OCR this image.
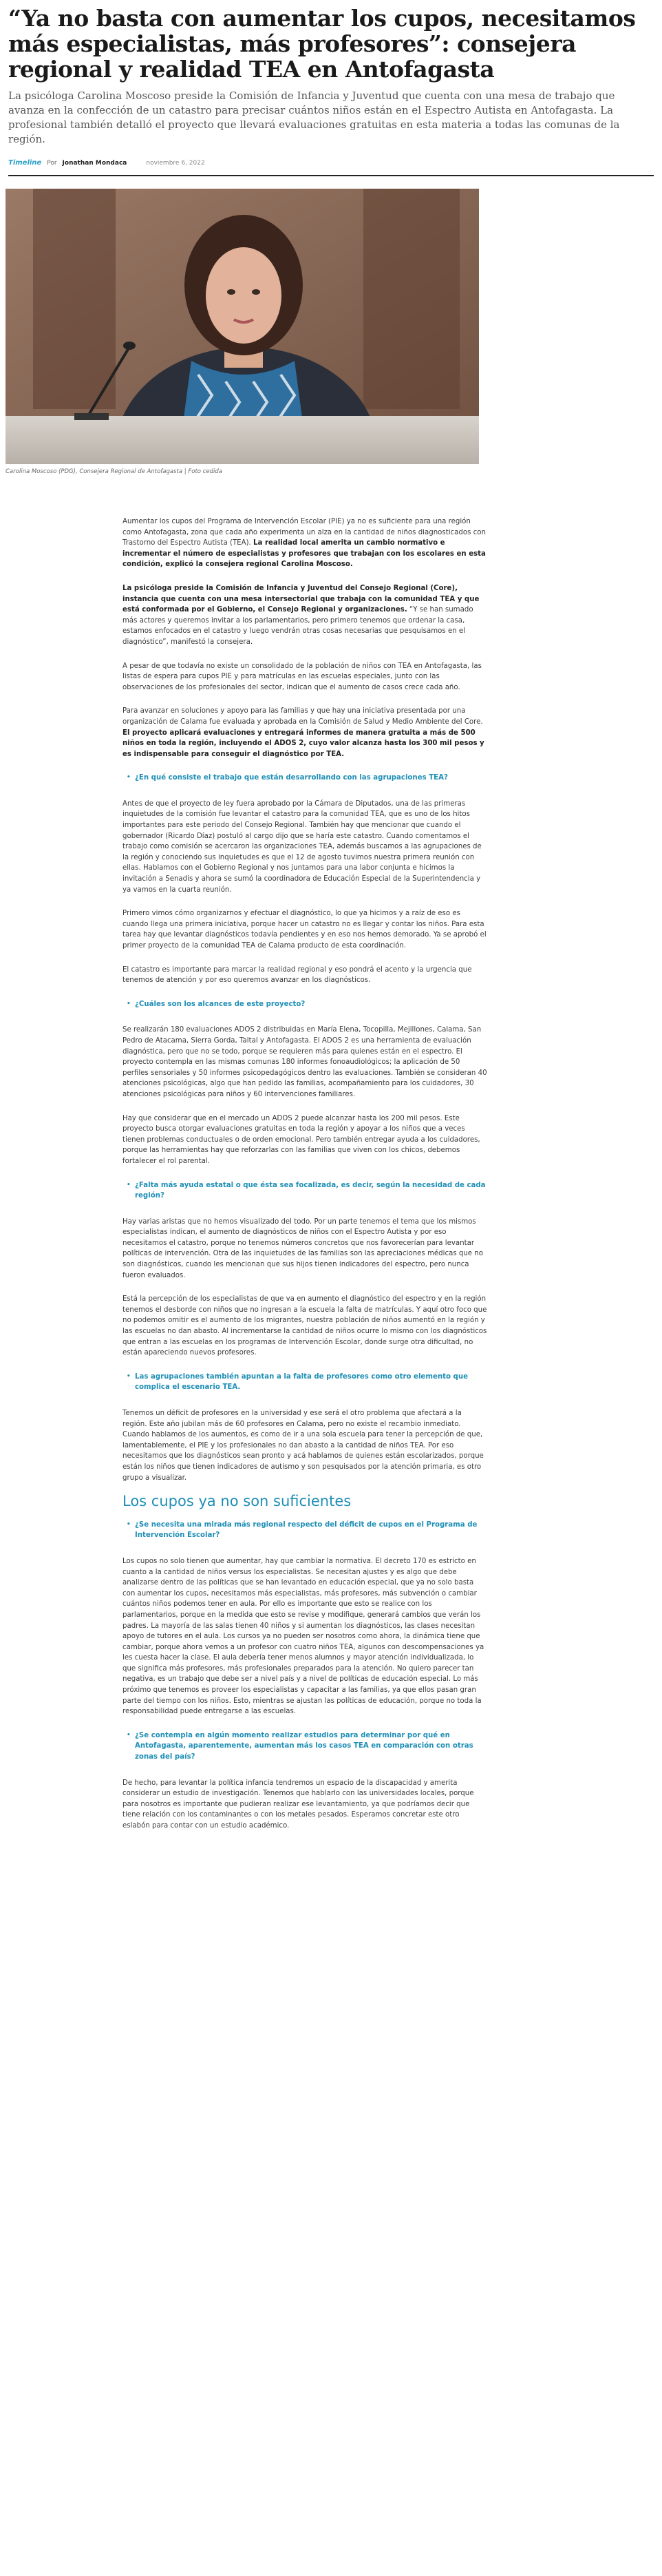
“Ya no basta con aumentar los cupos, necesitamos más especialistas, más profesores”: consejera regional y realidad TEA en Antofagasta

La psicóloga Carolina Moscoso preside la Comisión de Infancia y Juventud que cuenta con una mesa de trabajo que avanza en la confección de un catastro para precisar cuántos niños están en el Espectro Autista en Antofagasta. La profesional también detalló el proyecto que llevará evaluaciones gratuitas en esta materia a todas las comunas de la región.

Timeline Por Jonathan Mondaca	noviembre 6, 2022
Carolina Moscoso (PDG), Consejera Regional de Antofagasta | Foto cedida

Aumentar los cupos del Programa de Intervención Escolar (PIE) ya no es suficiente para una región como Antofagasta, zona que cada año experimenta un alza en la cantidad de niños diagnosticados con Trastorno del Espectro Autista (TEA). La realidad local amerita un cambio normativo e incrementar el número de especialistas y profesores que trabajan con los escolares en esta condición, explicó la consejera regional Carolina Moscoso.

La psicóloga preside la Comisión de Infancia y Juventud del Consejo Regional (Core), instancia que cuenta con una mesa intersectorial que trabaja con la comunidad TEA y que está conformada por el Gobierno, el Consejo Regional y organizaciones. “Y se han sumado más actores y queremos invitar a los parlamentarios, pero primero tenemos que ordenar la casa, estamos enfocados en el catastro y luego vendrán otras cosas necesarias que pesquisamos en el diagnóstico”, manifestó la consejera.

A pesar de que todavía no existe un consolidado de la población de niños con TEA en Antofagasta, las listas de espera para cupos PIE y para matrículas en las escuelas especiales, junto con las observaciones de los profesionales del sector, indican que el aumento de casos crece cada año.

Para avanzar en soluciones y apoyo para las familias y que hay una iniciativa presentada por una organización de Calama fue evaluada y aprobada en la Comisión de Salud y Medio Ambiente del Core. El proyecto aplicará evaluaciones y entregará informes de manera gratuita a más de 500 niños en toda la región, incluyendo el ADOS 2, cuyo valor alcanza hasta los 300 mil pesos y es indispensable para conseguir el diagnóstico por TEA.

• ¿En qué consiste el trabajo que están desarrollando con las agrupaciones TEA?

Antes de que el proyecto de ley fuera aprobado por la Cámara de Diputados, una de las primeras inquietudes de la comisión fue levantar el catastro para la comunidad TEA, que es uno de los hitos importantes para este periodo del Consejo Regional. También hay que mencionar que cuando el gobernador (Ricardo Díaz) postuló al cargo dijo que se haría este catastro. Cuando comentamos el trabajo como comisión se acercaron las organizaciones TEA, además buscamos a las agrupaciones de la región y conociendo sus inquietudes es que el 12 de agosto tuvimos nuestra primera reunión con ellas. Hablamos con el Gobierno Regional y nos juntamos para una labor conjunta e hicimos la invitación a Senadis y ahora se sumó la coordinadora de Educación Especial de la Superintendencia y ya vamos en la cuarta reunión.

Primero vimos cómo organizarnos y efectuar el diagnóstico, lo que ya hicimos y a raíz de eso es cuando llega una primera iniciativa, porque hacer un catastro no es llegar y contar los niños. Para esta tarea hay que levantar diagnósticos todavía pendientes y en eso nos hemos demorado. Ya se aprobó el primer proyecto de la comunidad TEA de Calama producto de esta coordinación.

El catastro es importante para marcar la realidad regional y eso pondrá el acento y la urgencia que tenemos de atención y por eso queremos avanzar en los diagnósticos.

• ¿Cuáles son los alcances de este proyecto?

Se realizarán 180 evaluaciones ADOS 2 distribuidas en María Elena, Tocopilla, Mejillones, Calama, San Pedro de Atacama, Sierra Gorda, Taltal y Antofagasta. El ADOS 2 es una herramienta de evaluación diagnóstica, pero que no se todo, porque se requieren más para quienes están en el espectro. El proyecto contempla en las mismas comunas 180 informes fonoaudiológicos; la aplicación de 50 perfiles sensoriales y 50 informes psicopedagógicos dentro las evaluaciones. También se consideran 40 atenciones psicológicas, algo que han pedido las familias, acompañamiento para los cuidadores, 30 atenciones psicológicas para niños y 60 intervenciones familiares.

Hay que considerar que en el mercado un ADOS 2 puede alcanzar hasta los 200 mil pesos. Este proyecto busca otorgar evaluaciones gratuitas en toda la región y apoyar a los niños que a veces tienen problemas conductuales o de orden emocional. Pero también entregar ayuda a los cuidadores, porque las herramientas hay que reforzarlas con las familias que viven con los chicos, debemos fortalecer el rol parental.

• ¿Falta más ayuda estatal o que ésta sea focalizada, es decir, según la necesidad de cada región?

Hay varias aristas que no hemos visualizado del todo. Por un parte tenemos el tema que los mismos especialistas indican, el aumento de diagnósticos de niños con el Espectro Autista y por eso necesitamos el catastro, porque no tenemos números concretos que nos favorecerían para levantar políticas de intervención. Otra de las inquietudes de las familias son las apreciaciones médicas que no son diagnósticos, cuando les mencionan que sus hijos tienen indicadores del espectro, pero nunca fueron evaluados.

Está la percepción de los especialistas de que va en aumento el diagnóstico del espectro y en la región tenemos el desborde con niños que no ingresan a la escuela la falta de matrículas. Y aquí otro foco que no podemos omitir es el aumento de los migrantes, nuestra población de niños aumentó en la región y las escuelas no dan abasto. Al incrementarse la cantidad de niños ocurre lo mismo con los diagnósticos que entran a las escuelas en los programas de Intervención Escolar, donde surge otra dificultad, no están apareciendo nuevos profesores.

• Las agrupaciones también apuntan a la falta de profesores como otro elemento que complica el escenario TEA.

Tenemos un déficit de profesores en la universidad y ese será el otro problema que afectará a la región. Este año jubilan más de 60 profesores en Calama, pero no existe el recambio inmediato. Cuando hablamos de los aumentos, es como de ir a una sola escuela para tener la percepción de que, lamentablemente, el PIE y los profesionales no dan abasto a la cantidad de niños TEA. Por eso necesitamos que los diagnósticos sean pronto y acá hablamos de quienes están escolarizados, porque están los niños que tienen indicadores de autismo y son pesquisados por la atención primaria, es otro grupo a visualizar.

Los cupos ya no son suficientes
• ¿Se necesita una mirada más regional respecto del déficit de cupos en el Programa de Intervención Escolar?

Los cupos no solo tienen que aumentar, hay que cambiar la normativa. El decreto 170 es estricto en cuanto a la cantidad de niños versus los especialistas. Se necesitan ajustes y es algo que debe analizarse dentro de las políticas que se han levantado en educación especial, que ya no solo basta con aumentar los cupos, necesitamos más especialistas, más profesores, más subvención o cambiar cuántos niños podemos tener en aula. Por ello es importante que esto se realice con los parlamentarios, porque en la medida que esto se revise y modifique, generará cambios que verán los padres. La mayoría de las salas tienen 40 niños y si aumentan los diagnósticos, las clases necesitan apoyo de tutores en el aula. Los cursos ya no pueden ser nosotros como ahora, la dinámica tiene que cambiar, porque ahora vemos a un profesor con cuatro niños TEA, algunos con descompensaciones ya les cuesta hacer la clase. El aula debería tener menos alumnos y mayor atención individualizada, lo que significa más profesores, más profesionales preparados para la atención. No quiero parecer tan negativa, es un trabajo que debe ser a nivel país y a nivel de políticas de educación especial. Lo más próximo que tenemos es proveer los especialistas y capacitar a las familias, ya que ellos pasan gran parte del tiempo con los niños. Esto, mientras se ajustan las políticas de educación, porque no toda la responsabilidad puede entregarse a las escuelas.

• ¿Se contempla en algún momento realizar estudios para determinar por qué en Antofagasta, aparentemente, aumentan más los casos TEA en comparación con otras zonas del país?

De hecho, para levantar la política infancia tendremos un espacio de la discapacidad y amerita considerar un estudio de investigación. Tenemos que hablarlo con las universidades locales, porque para nosotros es importante que pudieran realizar ese levantamiento, ya que podríamos decir que tiene relación con los contaminantes o con los metales pesados. Esperamos concretar este otro eslabón para contar con un estudio académico.
